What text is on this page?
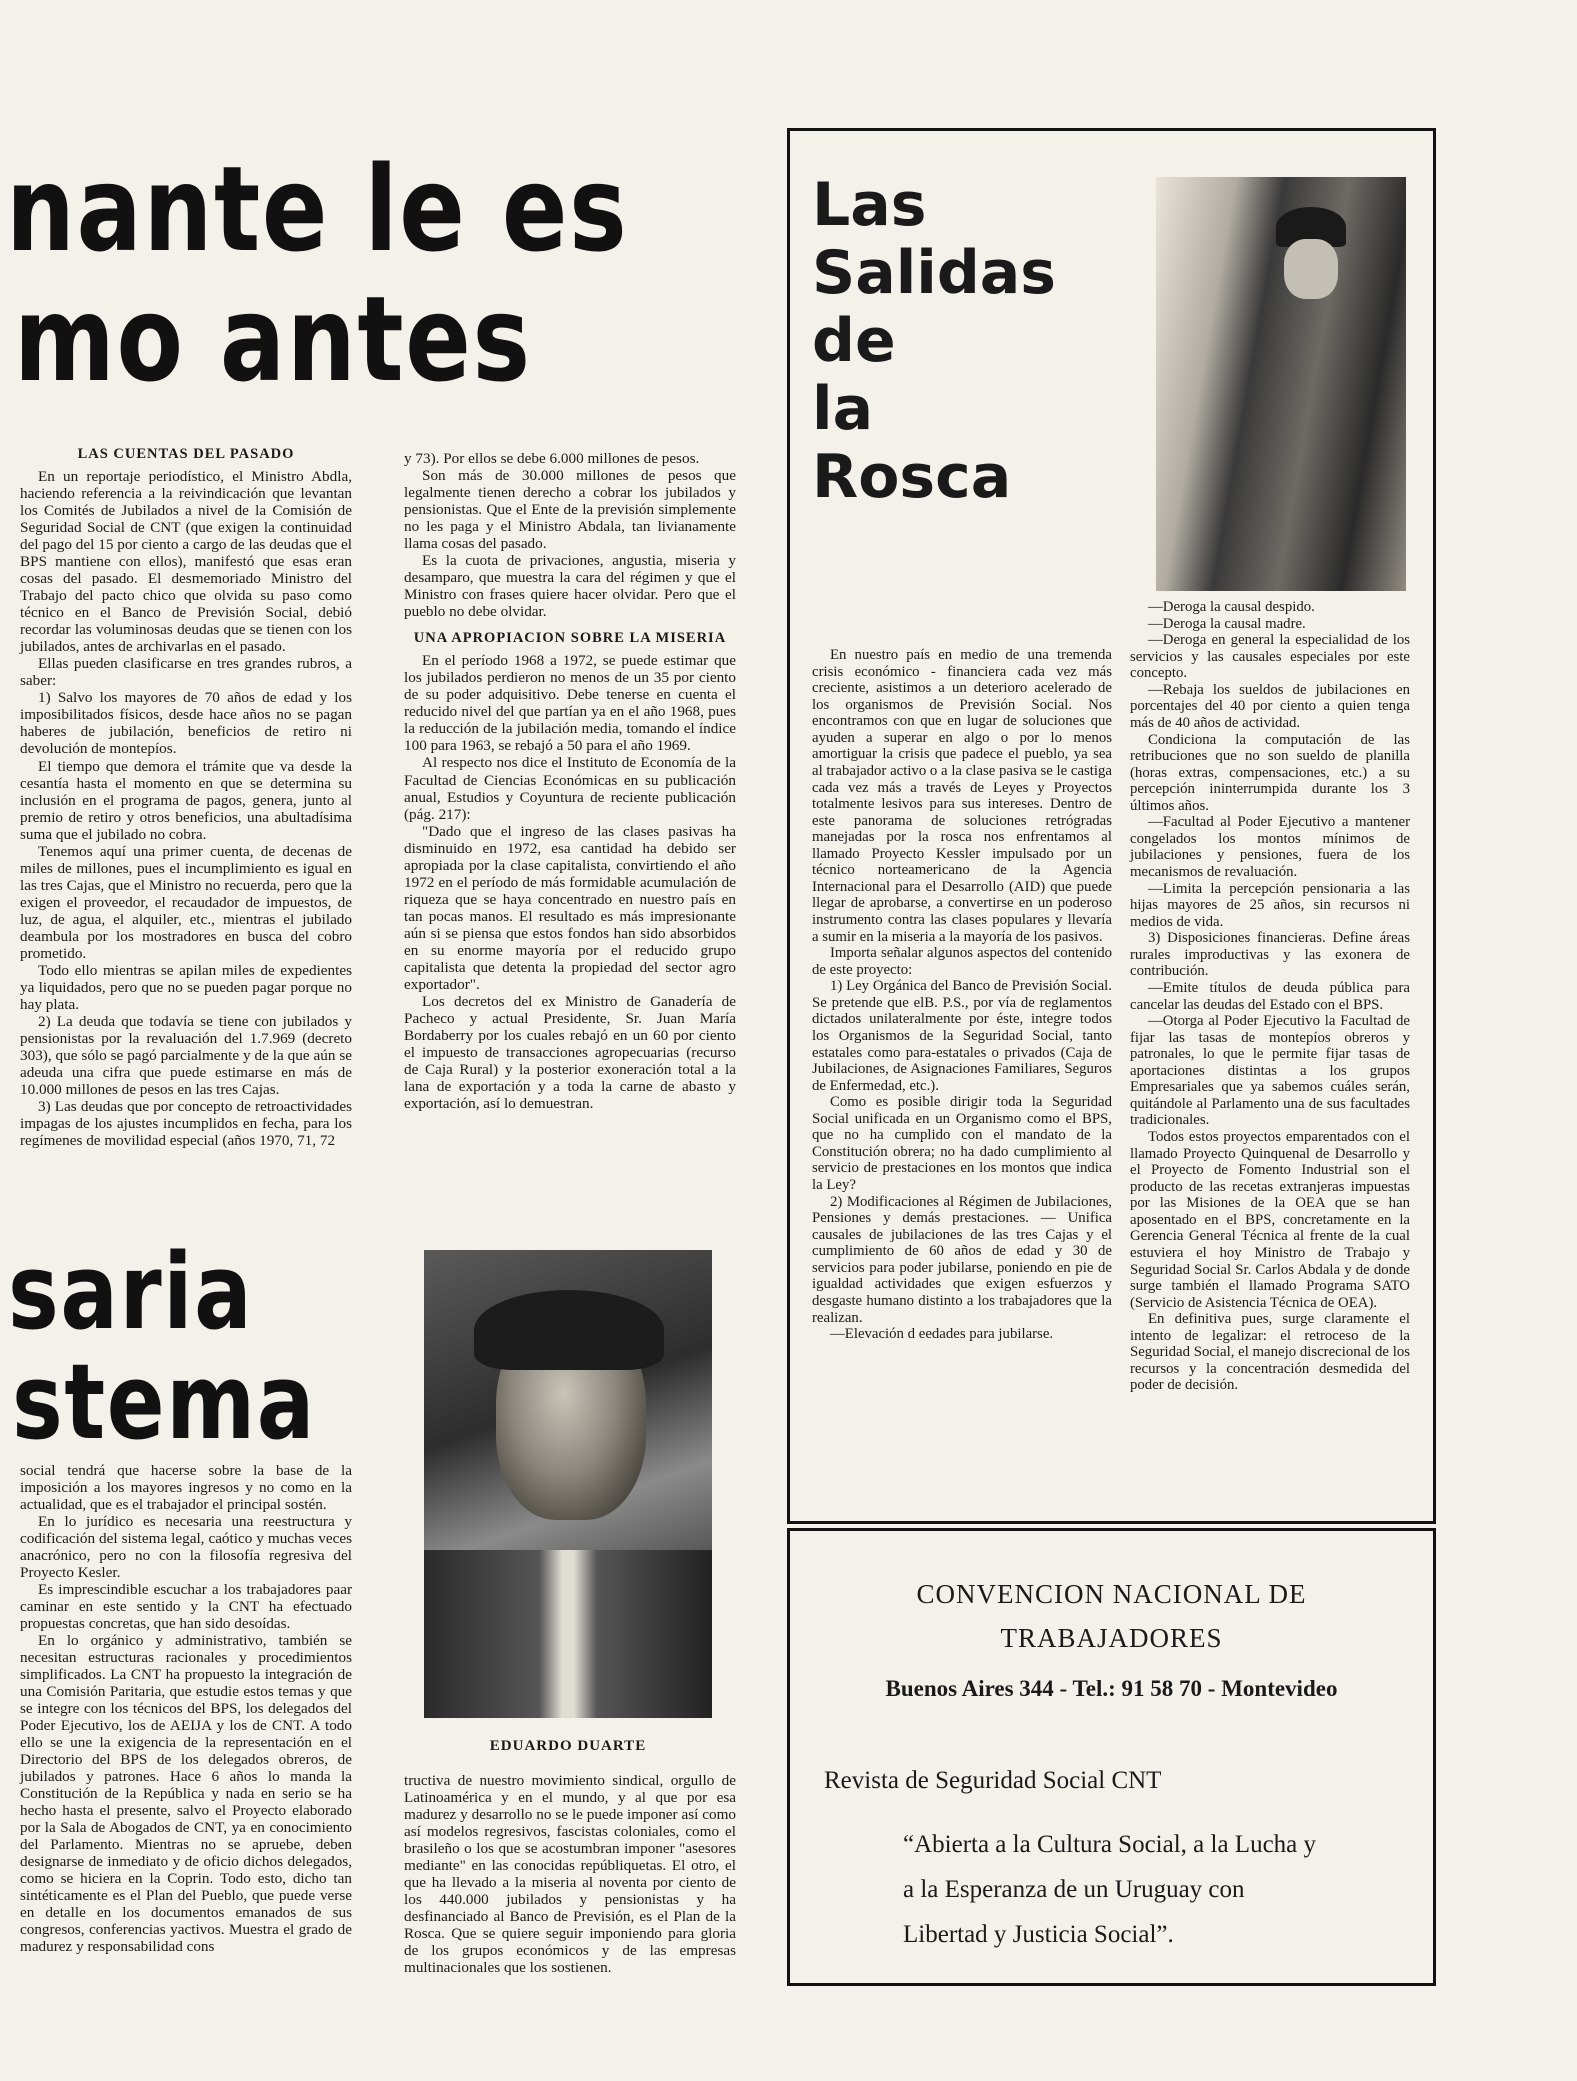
nante le es
mo antes
LAS CUENTAS DEL PASADO

En un reportaje periodístico, el Ministro Abdla, haciendo referencia a la reivindicación que levantan los Comités de Jubilados a nivel de la Comisión de Seguridad Social de CNT (que exigen la continuidad del pago del 15 por ciento a cargo de las deudas que el BPS mantiene con ellos), manifestó que esas eran cosas del pasado. El desmemoriado Ministro del Trabajo del pacto chico que olvida su paso como técnico en el Banco de Previsión Social, debió recordar las voluminosas deudas que se tienen con los jubilados, antes de archivarlas en el pasado.

Ellas pueden clasificarse en tres grandes rubros, a saber:

1) Salvo los mayores de 70 años de edad y los imposibilitados físicos, desde hace años no se pagan haberes de jubilación, beneficios de retiro ni devolución de montepíos.

El tiempo que demora el trámite que va desde la cesantía hasta el momento en que se determina su inclusión en el programa de pagos, genera, junto al premio de retiro y otros beneficios, una abultadísima suma que el jubilado no cobra.

Tenemos aquí una primer cuenta, de decenas de miles de millones, pues el incumplimiento es igual en las tres Cajas, que el Ministro no recuerda, pero que la exigen el proveedor, el recaudador de impuestos, de luz, de agua, el alquiler, etc., mientras el jubilado deambula por los mostradores en busca del cobro prometido.

Todo ello mientras se apilan miles de expedientes ya liquidados, pero que no se pueden pagar porque no hay plata.

2) La deuda que todavía se tiene con jubilados y pensionistas por la revaluación del 1.7.969 (decreto 303), que sólo se pagó parcialmente y de la que aún se adeuda una cifra que puede estimarse en más de 10.000 millones de pesos en las tres Cajas.

3) Las deudas que por concepto de retroactividades impagas de los ajustes incumplidos en fecha, para los regímenes de movilidad especial (años 1970, 71, 72

y 73). Por ellos se debe 6.000 millones de pesos.

Son más de 30.000 millones de pesos que legalmente tienen derecho a cobrar los jubilados y pensionistas. Que el Ente de la previsión simplemente no les paga y el Ministro Abdala, tan livianamente llama cosas del pasado.

Es la cuota de privaciones, angustia, miseria y desamparo, que muestra la cara del régimen y que el Ministro con frases quiere hacer olvidar. Pero que el pueblo no debe olvidar.

UNA APROPIACION SOBRE LA MISERIA

En el período 1968 a 1972, se puede estimar que los jubilados perdieron no menos de un 35 por ciento de su poder adquisitivo. Debe tenerse en cuenta el reducido nivel del que partían ya en el año 1968, pues la reducción de la jubilación media, tomando el índice 100 para 1963, se rebajó a 50 para el año 1969.

Al respecto nos dice el Instituto de Economía de la Facultad de Ciencias Económicas en su publicación anual, Estudios y Coyuntura de reciente publicación (pág. 217):

"Dado que el ingreso de las clases pasivas ha disminuido en 1972, esa cantidad ha debido ser apropiada por la clase capitalista, convirtiendo el año 1972 en el período de más formidable acumulación de riqueza que se haya concentrado en nuestro país en tan pocas manos. El resultado es más impresionante aún si se piensa que estos fondos han sido absorbidos en su enorme mayoría por el reducido grupo capitalista que detenta la propiedad del sector agro exportador".

Los decretos del ex Ministro de Ganadería de Pacheco y actual Presidente, Sr. Juan María Bordaberry por los cuales rebajó en un 60 por ciento el impuesto de transacciones agropecuarias (recurso de Caja Rural) y la posterior exoneración total a la lana de exportación y a toda la carne de abasto y exportación, así lo demuestran.

saria
stema

social tendrá que hacerse sobre la base de la imposición a los mayores ingresos y no como en la actualidad, que es el trabajador el principal sostén.

En lo jurídico es necesaria una reestructura y codificación del sistema legal, caótico y muchas veces anacrónico, pero no con la filosofía regresiva del Proyecto Kesler.

Es imprescindible escuchar a los trabajadores paar caminar en este sentido y la CNT ha efectuado propuestas concretas, que han sido desoídas.

En lo orgánico y administrativo, también se necesitan estructuras racionales y procedimientos simplificados. La CNT ha propuesto la integración de una Comisión Paritaria, que estudie estos temas y que se integre con los técnicos del BPS, los delegados del Poder Ejecutivo, los de AEIJA y los de CNT. A todo ello se une la exigencia de la representación en el Directorio del BPS de los delegados obreros, de jubilados y patrones. Hace 6 años lo manda la Constitución de la República y nada en serio se ha hecho hasta el presente, salvo el Proyecto elaborado por la Sala de Abogados de CNT, ya en conocimiento del Parlamento. Mientras no se apruebe, deben designarse de inmediato y de oficio dichos delegados, como se hiciera en la Coprin. Todo esto, dicho tan sintéticamente es el Plan del Pueblo, que puede verse en detalle en los documentos emanados de sus congresos, conferencias yactivos. Muestra el grado de madurez y responsabilidad cons

EDUARDO DUARTE

tructiva de nuestro movimiento sindical, orgullo de Latinoamérica y en el mundo, y al que por esa madurez y desarrollo no se le puede imponer así como así modelos regresivos, fascistas coloniales, como el brasileño o los que se acostumbran imponer "asesores mediante" en las conocidas repúbliquetas. El otro, el que ha llevado a la miseria al noventa por ciento de los 440.000 jubilados y pensionistas y ha desfinanciado al Banco de Previsión, es el Plan de la Rosca. Que se quiere seguir imponiendo para gloria de los grupos económicos y de las empresas multinacionales que los sostienen.

Las
Salidas
de
la
Rosca

En nuestro país en medio de una tremenda crisis económico - financiera cada vez más creciente, asistimos a un deterioro acelerado de los organismos de Previsión Social. Nos encontramos con que en lugar de soluciones que ayuden a superar en algo o por lo menos amortiguar la crisis que padece el pueblo, ya sea al trabajador activo o a la clase pasiva se le castiga cada vez más a través de Leyes y Proyectos totalmente lesivos para sus intereses. Dentro de este panorama de soluciones retrógradas manejadas por la rosca nos enfrentamos al llamado Proyecto Kessler impulsado por un técnico norteamericano de la Agencia Internacional para el Desarrollo (AID) que puede llegar de aprobarse, a convertirse en un poderoso instrumento contra las clases populares y llevaría a sumir en la miseria a la mayoría de los pasivos.

Importa señalar algunos aspectos del contenido de este proyecto:

1) Ley Orgánica del Banco de Previsión Social. Se pretende que elB. P.S., por vía de reglamentos dictados unilateralmente por éste, integre todos los Organismos de la Seguridad Social, tanto estatales como para-estatales o privados (Caja de Jubilaciones, de Asignaciones Familiares, Seguros de Enfermedad, etc.).

Como es posible dirigir toda la Seguridad Social unificada en un Organismo como el BPS, que no ha cumplido con el mandato de la Constitución obrera; no ha dado cumplimiento al servicio de prestaciones en los montos que indica la Ley?

2) Modificaciones al Régimen de Jubilaciones, Pensiones y demás prestaciones. — Unifica causales de jubilaciones de las tres Cajas y el cumplimiento de 60 años de edad y 30 de servicios para poder jubilarse, poniendo en pie de igualdad actividades que exigen esfuerzos y desgaste humano distinto a los trabajadores que la realizan.

—Elevación d eedades para jubilarse.

—Deroga la causal despido.

—Deroga la causal madre.

—Deroga en general la especialidad de los servicios y las causales especiales por este concepto.

—Rebaja los sueldos de jubilaciones en porcentajes del 40 por ciento a quien tenga más de 40 años de actividad.

Condiciona la computación de las retribuciones que no son sueldo de planilla (horas extras, compensaciones, etc.) a su percepción ininterrumpida durante los 3 últimos años.

—Facultad al Poder Ejecutivo a mantener congelados los montos mínimos de jubilaciones y pensiones, fuera de los mecanismos de revaluación.

—Limita la percepción pensionaria a las hijas mayores de 25 años, sin recursos ni medios de vida.

3) Disposiciones financieras. Define áreas rurales improductivas y las exonera de contribución.

—Emite títulos de deuda pública para cancelar las deudas del Estado con el BPS.

—Otorga al Poder Ejecutivo la Facultad de fijar las tasas de montepíos obreros y patronales, lo que le permite fijar tasas de aportaciones distintas a los grupos Empresariales que ya sabemos cuáles serán, quitándole al Parlamento una de sus facultades tradicionales.

Todos estos proyectos emparentados con el llamado Proyecto Quinquenal de Desarrollo y el Proyecto de Fomento Industrial son el producto de las recetas extranjeras impuestas por las Misiones de la OEA que se han aposentado en el BPS, concretamente en la Gerencia General Técnica al frente de la cual estuviera el hoy Ministro de Trabajo y Seguridad Social Sr. Carlos Abdala y de donde surge también el llamado Programa SATO (Servicio de Asistencia Técnica de OEA).

En definitiva pues, surge claramente el intento de legalizar: el retroceso de la Seguridad Social, el manejo discrecional de los recursos y la concentración desmedida del poder de decisión.

CONVENCION NACIONAL DE
TRABAJADORES
Buenos Aires 344 - Tel.: 91 58 70 - Montevideo
Revista de Seguridad Social CNT
“Abierta a la Cultura Social, a la Lucha y
a la Esperanza de un Uruguay con
Libertad y Justicia Social”.
